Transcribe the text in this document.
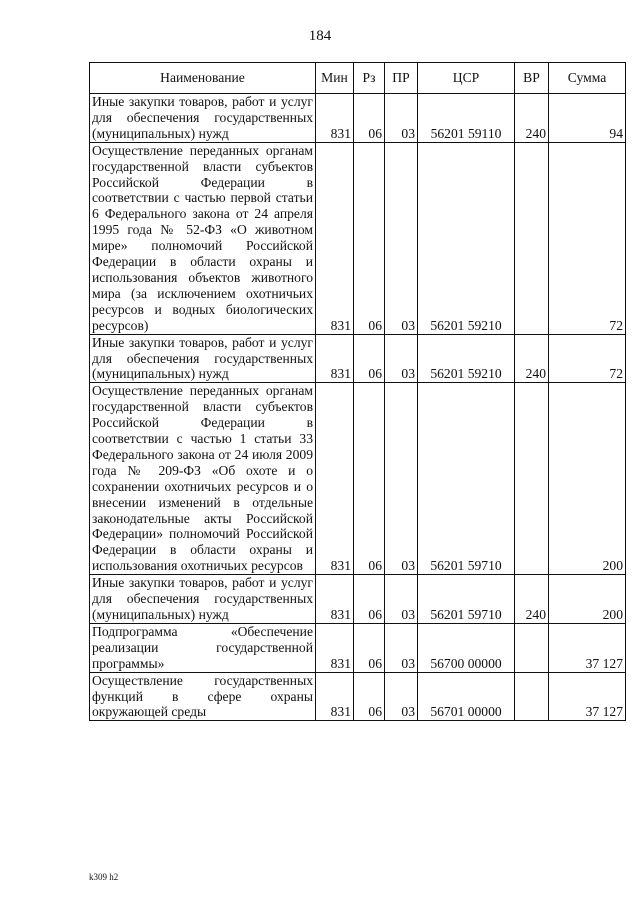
184
Наименование	Мин	Рз	ПР	ЦСР	ВР	Сумма
Иные закупки товаров, работ и услуг для обеспечения государственных (муниципальных) нужд	831	06	03	56201 59110	240	94
Осуществление переданных органам государственной власти субъектов Российской Федерации в соответствии с частью первой статьи 6 Федерального закона от 24 апреля 1995 года № 52-ФЗ «О животном мире» полномочий Российской Федерации в области охраны и использования объектов животного мира (за исключением охотничьих ресурсов и водных биологических ресурсов)	831	06	03	56201 59210		72
Иные закупки товаров, работ и услуг для обеспечения государственных (муниципальных) нужд	831	06	03	56201 59210	240	72
Осуществление переданных органам государственной власти субъектов Российской Федерации в соответствии с частью 1 статьи 33 Федерального закона от 24 июля 2009 года № 209-ФЗ «Об охоте и о сохранении охотничьих ресурсов и о внесении изменений в отдельные законодательные акты Российской Федерации» полномочий Российской Федерации в области охраны и использования охотничьих ресурсов	831	06	03	56201 59710		200
Иные закупки товаров, работ и услуг для обеспечения государственных (муниципальных) нужд	831	06	03	56201 59710	240	200
Подпрограмма «Обеспечение реализации государственной программы»	831	06	03	56700 00000		37 127
Осуществление государственных функций в сфере охраны окружающей среды	831	06	03	56701 00000		37 127
k309 h2
